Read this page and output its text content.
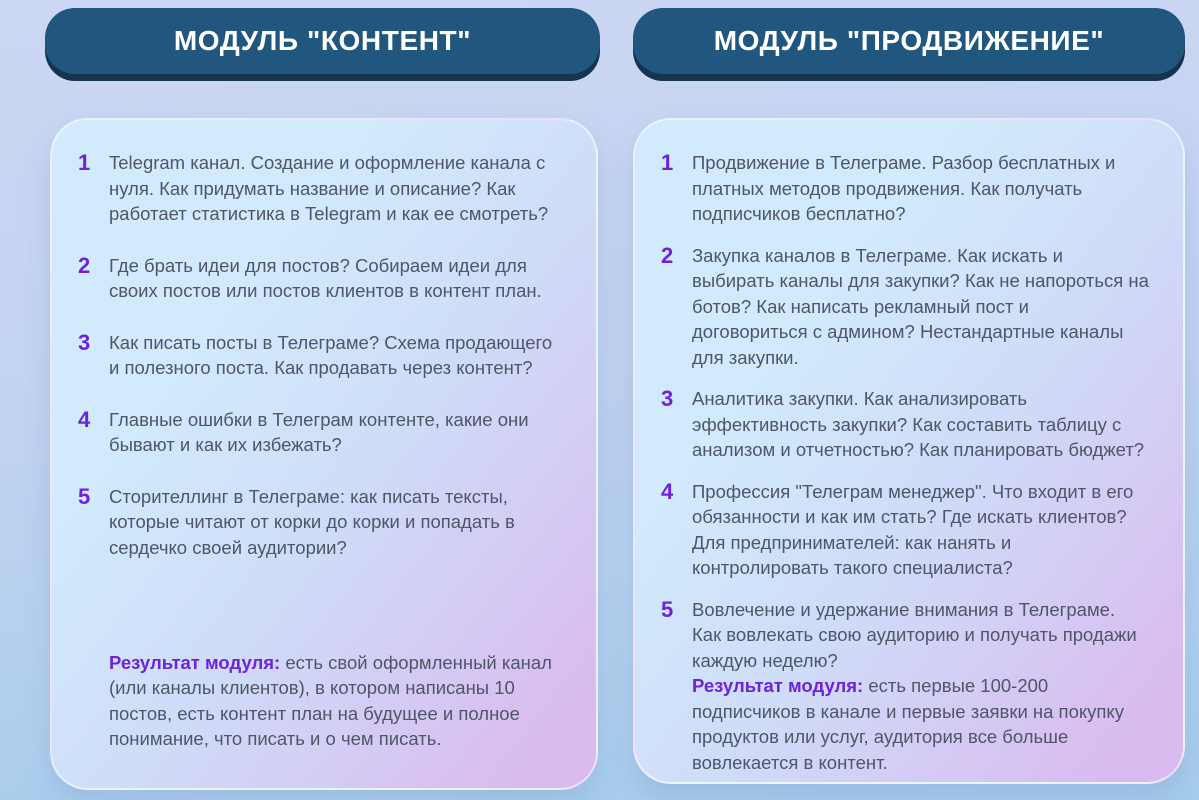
МОДУЛЬ "КОНТЕНТ"	МОДУЛЬ "ПРОДВИЖЕНИЕ"
1	Telegram канал. Создание и оформление канала с нуля. Как придумать название и описание? Как работает статистика в Telegram и как ее смотреть?
2	Где брать идеи для постов? Собираем идеи для своих постов или постов клиентов в контент план.
3	Как писать посты в Телеграме? Схема продающего и полезного поста. Как продавать через контент?
4	Главные ошибки в Телеграм контенте, какие они бывают и как их избежать?
5	Сторителлинг в Телеграме: как писать тексты, которые читают от корки до корки и попадать в сердечко своей аудитории?

Результат модуля: есть свой оформленный канал (или каналы клиентов), в котором написаны 10 постов, есть контент план на будущее и полное понимание, что писать и о чем писать.

1	Продвижение в Телеграме. Разбор бесплатных и платных методов продвижения. Как получать подписчиков бесплатно?
2	Закупка каналов в Телеграме. Как искать и выбирать каналы для закупки? Как не напороться на ботов? Как написать рекламный пост и договориться с админом? Нестандартные каналы для закупки.
3	Аналитика закупки. Как анализировать эффективность закупки? Как составить таблицу с анализом и отчетностью? Как планировать бюджет?
4	Профессия "Телеграм менеджер". Что входит в его обязанности и как им стать? Где искать клиентов? Для предпринимателей: как нанять и контролировать такого специалиста?
5	Вовлечение и удержание внимания в Телеграме. Как вовлекать свою аудиторию и получать продажи каждую неделю?

Результат модуля: есть первые 100-200 подписчиков в канале и первые заявки на покупку продуктов или услуг, аудитория все больше вовлекается в контент.
